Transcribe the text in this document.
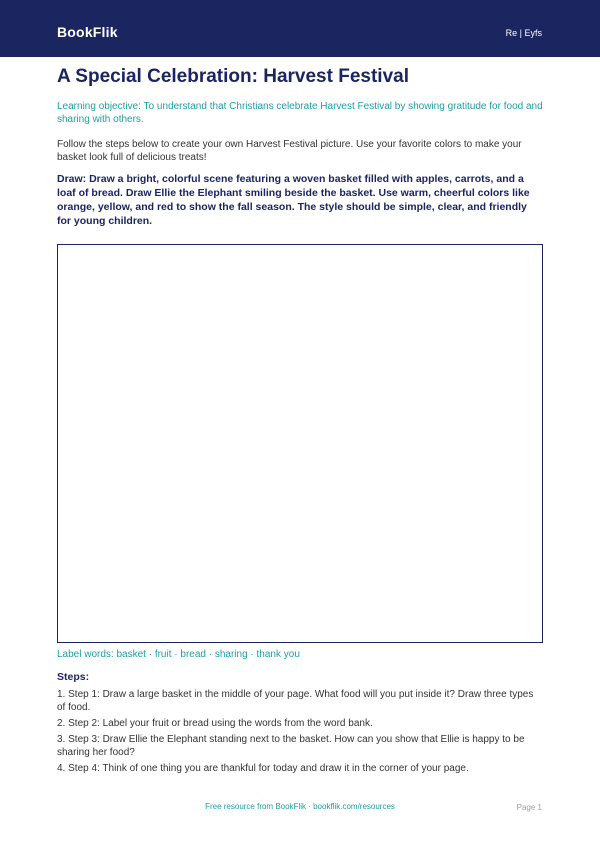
BookFlik	Re | Eyfs
A Special Celebration: Harvest Festival
Learning objective: To understand that Christians celebrate Harvest Festival by showing gratitude for food and sharing with others.
Follow the steps below to create your own Harvest Festival picture. Use your favorite colors to make your basket look full of delicious treats!
Draw: Draw a bright, colorful scene featuring a woven basket filled with apples, carrots, and a loaf of bread. Draw Ellie the Elephant smiling beside the basket. Use warm, cheerful colors like orange, yellow, and red to show the fall season. The style should be simple, clear, and friendly for young children.
Label words: basket · fruit · bread · sharing · thank you
Steps:
1. Step 1: Draw a large basket in the middle of your page. What food will you put inside it? Draw three types of food.
2. Step 2: Label your fruit or bread using the words from the word bank.
3. Step 3: Draw Ellie the Elephant standing next to the basket. How can you show that Ellie is happy to be sharing her food?
4. Step 4: Think of one thing you are thankful for today and draw it in the corner of your page.
Free resource from BookFlik · bookflik.com/resources	Page 1
